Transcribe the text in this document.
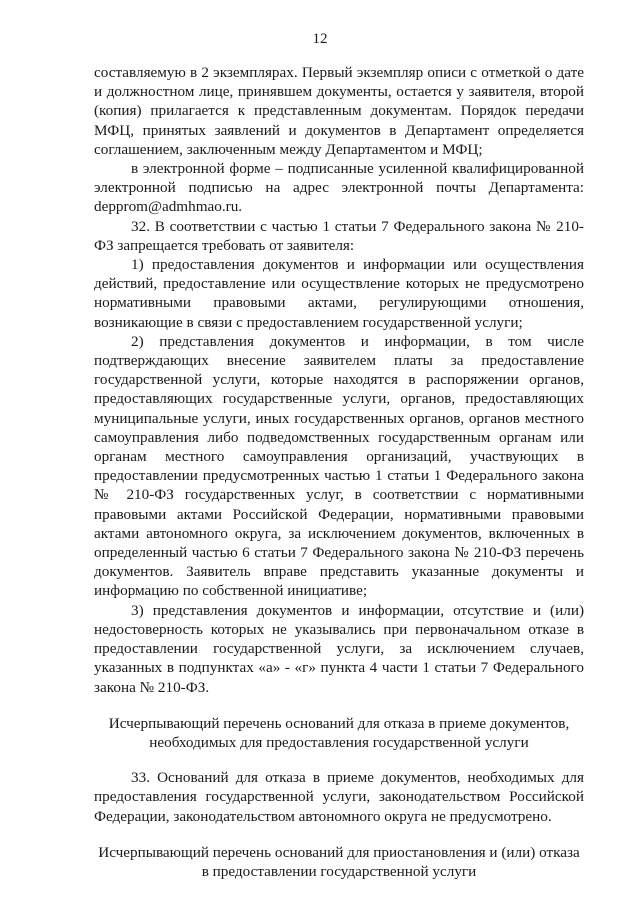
12

составляемую в 2 экземплярах. Первый экземпляр описи с отметкой о дате и должностном лице, принявшем документы, остается у заявителя, второй (копия) прилагается к представленным документам. Порядок передачи МФЦ, принятых заявлений и документов в Департамент определяется соглашением, заключенным между Департаментом и МФЦ;

в электронной форме – подписанные усиленной квалифицированной электронной подписью на адрес электронной почты Департамента: depprom@admhmao.ru.

32. В соответствии с частью 1 статьи 7 Федерального закона № 210-ФЗ запрещается требовать от заявителя:

1) предоставления документов и информации или осуществления действий, предоставление или осуществление которых не предусмотрено нормативными правовыми актами, регулирующими отношения, возникающие в связи с предоставлением государственной услуги;

2) представления документов и информации, в том числе подтверждающих внесение заявителем платы за предоставление государственной услуги, которые находятся в распоряжении органов, предоставляющих государственные услуги, органов, предоставляющих муниципальные услуги, иных государственных органов, органов местного самоуправления либо подведомственных государственным органам или органам местного самоуправления организаций, участвующих в предоставлении предусмотренных частью 1 статьи 1 Федерального закона № 210-ФЗ государственных услуг, в соответствии с нормативными правовыми актами Российской Федерации, нормативными правовыми актами автономного округа, за исключением документов, включенных в определенный частью 6 статьи 7 Федерального закона № 210-ФЗ перечень документов. Заявитель вправе представить указанные документы и информацию по собственной инициативе;

3) представления документов и информации, отсутствие и (или) недостоверность которых не указывались при первоначальном отказе в предоставлении государственной услуги, за исключением случаев, указанных в подпунктах «а» - «г» пункта 4 части 1 статьи 7 Федерального закона № 210-ФЗ.

Исчерпывающий перечень оснований для отказа в приеме документов,
необходимых для предоставления государственной услуги

33. Оснований для отказа в приеме документов, необходимых для предоставления государственной услуги, законодательством Российской Федерации, законодательством автономного округа не предусмотрено.

Исчерпывающий перечень оснований для приостановления и (или) отказа
в предоставлении государственной услуги
